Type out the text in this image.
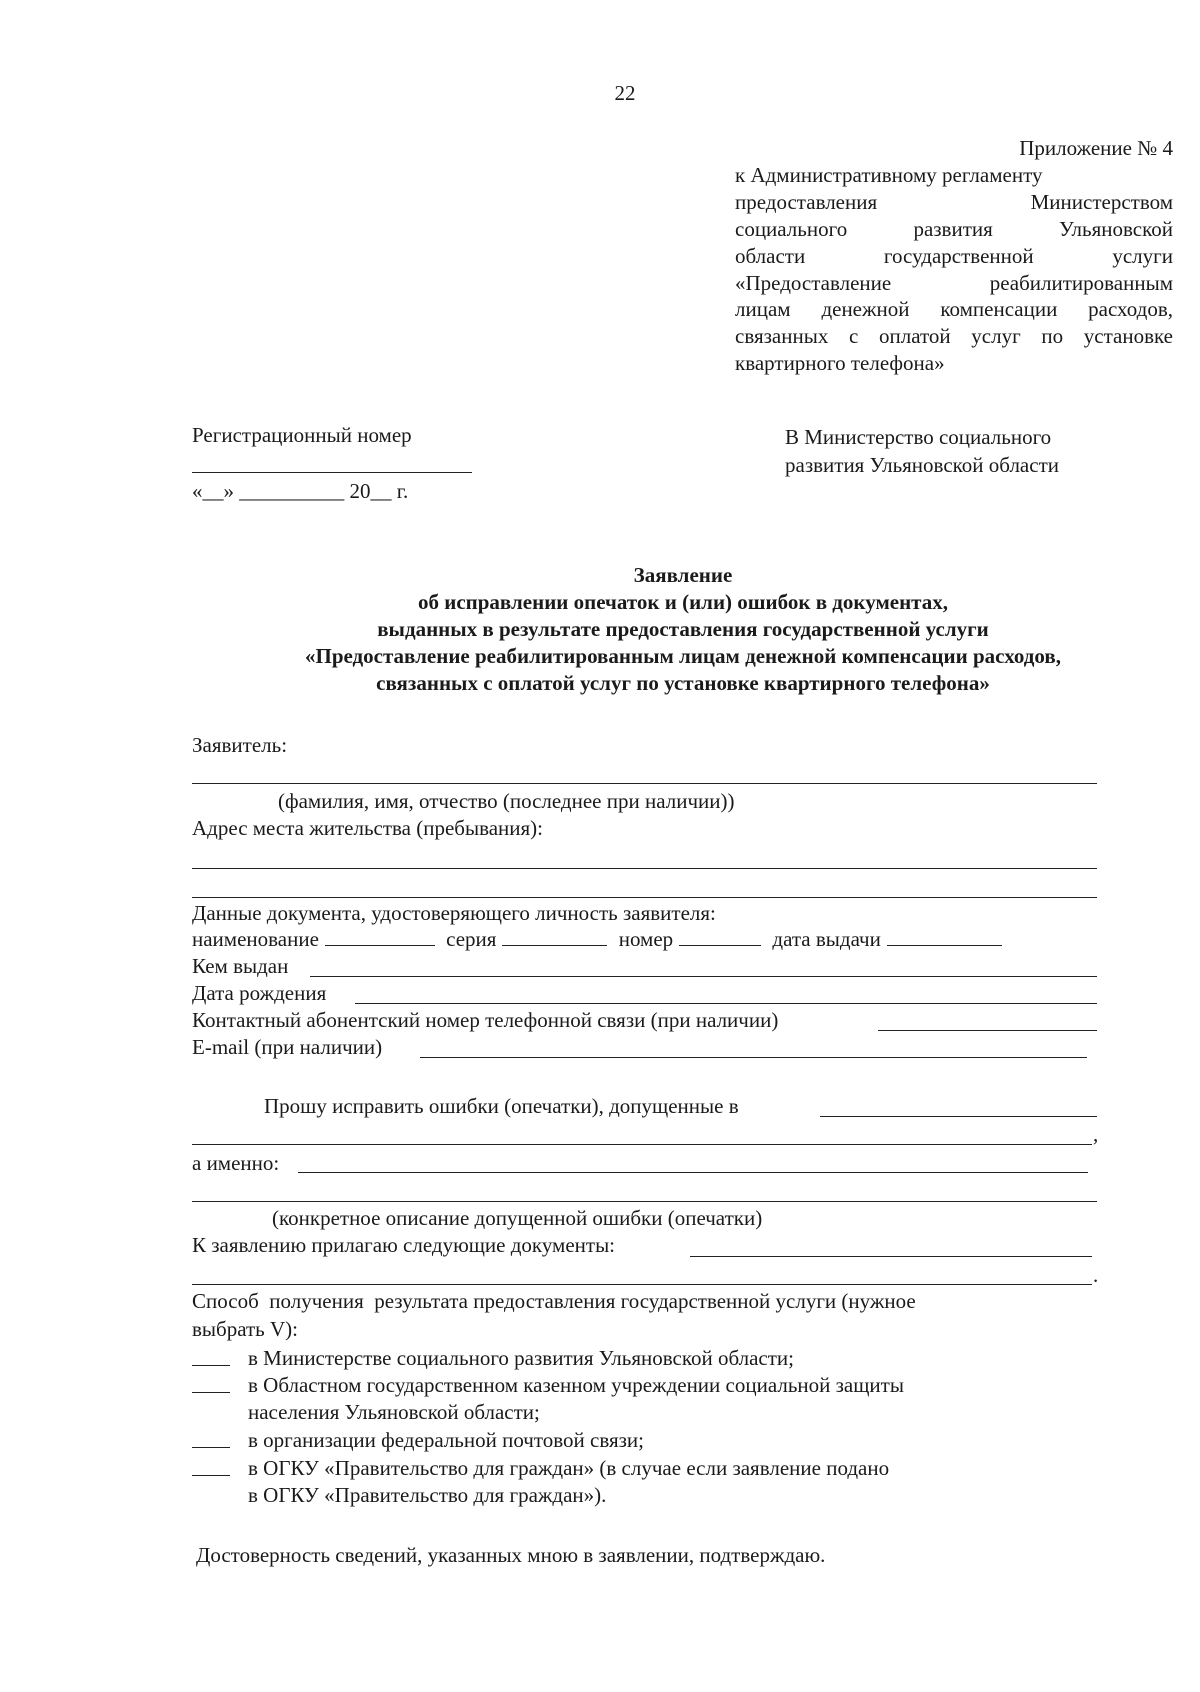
22
Приложение № 4
к Административному регламенту
предоставления Министерством
социального развития Ульяновской
области государственной услуги
«Предоставление реабилитированным
лицам денежной компенсации расходов,
связанных с оплатой услуг по установке
квартирного телефона»
Регистрационный номер
«__» __________ 20__ г.
В Министерство социального
развития Ульяновской области
Заявление
об исправлении опечаток и (или) ошибок в документах,
выданных в результате предоставления государственной услуги
«Предоставление реабилитированным лицам денежной компенсации расходов,
связанных с оплатой услуг по установке квартирного телефона»
Заявитель:
(фамилия, имя, отчество (последнее при наличии))
Адрес места жительства (пребывания):
Данные документа, удостоверяющего личность заявителя:
наименование	серия	номер	дата выдачи
Кем выдан
Дата рождения
Контактный абонентский номер телефонной связи (при наличии)
E-mail (при наличии)
Прошу исправить ошибки (опечатки), допущенные в
,
а именно:
(конкретное описание допущенной ошибки (опечатки)
К заявлению прилагаю следующие документы:
.
Способ  получения  результата предоставления государственной услуги (нужное
выбрать V):
в Министерстве социального развития Ульяновской области;
в Областном государственном казенном учреждении социальной защиты
населения Ульяновской области;
в организации федеральной почтовой связи;
в ОГКУ «Правительство для граждан» (в случае если заявление подано
в ОГКУ «Правительство для граждан»).
Достоверность сведений, указанных мною в заявлении, подтверждаю.
